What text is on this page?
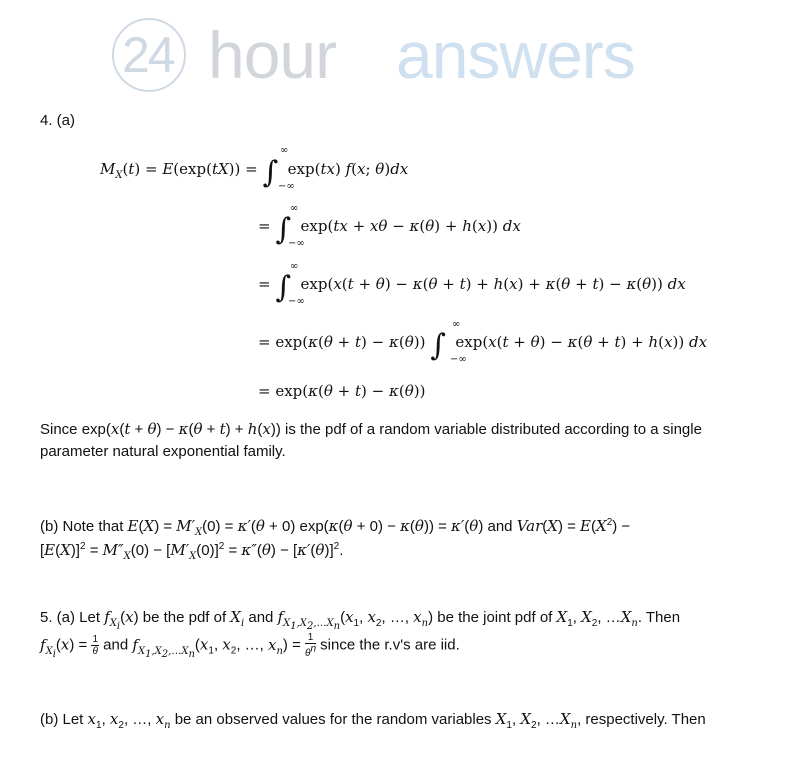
24 hour answers
4. (a)
$M_X(t) = E(\exp(tX))$ = ∫  exp(tx) f(x; θ)dx
∞
−∞
= ∫  exp(tx + xθ − κ(θ) + h(x)) dx
∞
−∞
= ∫  exp(x(t + θ) − κ(θ + t) + h(x) + κ(θ + t) − κ(θ)) dx
∞
−∞
= exp(κ(θ + t) − κ(θ)) ∫  exp(x(t + θ) − κ(θ + t) + h(x)) dx
∞
−∞
= exp(κ(θ + t) − κ(θ))
Since exp(x(t + θ) − κ(θ + t) + h(x)) is the pdf of a random variable distributed according to a single
parameter natural exponential family.
(b) Note that $E(X) = M'_X(0) = \kappa'(\theta + 0) \exp(\kappa(\theta + 0) - \kappa(\theta)) = \kappa'(\theta)$ and $Var(X) = E(X^2)$ −
$[E(X)]^2 = M''_X(0) - [M'_X(0)]^2 = \kappa''(\theta) - [\kappa'(\theta)]^2$.
5. (a) Let $f_{X_i}(x)$ be the pdf of $X_i$ and $f_{X_1,X_2,\dots X_n}(x_1$, $x_2$, …, $x_n$) be the joint pdf of $X_1$, $X_2$, $\dots X_n$. Then
$f_{X_i}(x) = \frac{1}{\theta}$ and $f_{X_1,X_2,\dots X_n}(x_1$, $x_2$, …, $x_n) = \frac{1}{\theta^n}$ since the r.v's are iid.
(b) Let $x_1$, $x_2$, …, $x_n$ be an observed values for the random variables $X_1$, $X_2$, $\dots X_n$, respectively. Then
